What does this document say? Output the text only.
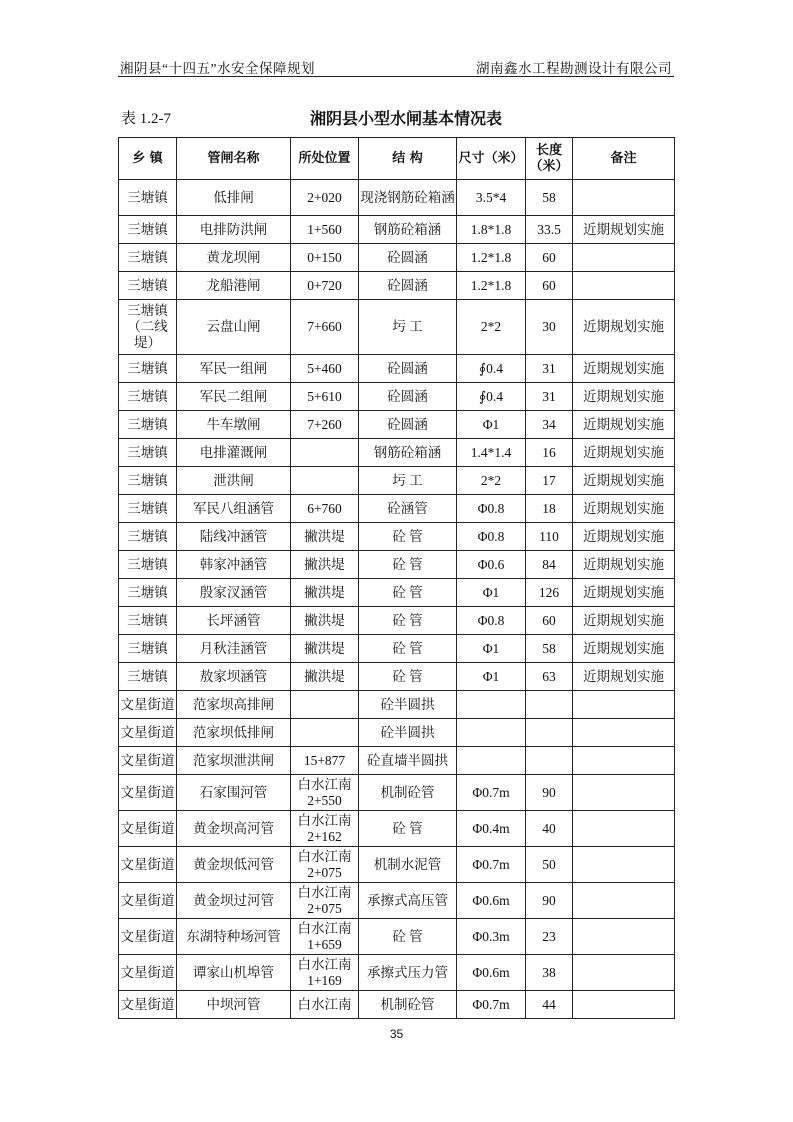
湘阴县“十四五”水安全保障规划	湖南鑫水工程勘测设计有限公司
表 1.2-7	湘阴县小型水闸基本情况表
乡 镇	管闸名称	所处位置	结 构	尺寸（米）	长度（米）	备注
三塘镇	低排闸	2+020	现浇钢筋砼箱涵	3.5*4	58	
三塘镇	电排防洪闸	1+560	钢筋砼箱涵	1.8*1.8	33.5	近期规划实施
三塘镇	黄龙坝闸	0+150	砼圆涵	1.2*1.8	60	
三塘镇	龙船港闸	0+720	砼圆涵	1.2*1.8	60	
三塘镇（二线堤）	云盘山闸	7+660	圬 工	2*2	30	近期规划实施
三塘镇	军民一组闸	5+460	砼圆涵	∮0.4	31	近期规划实施
三塘镇	军民二组闸	5+610	砼圆涵	∮0.4	31	近期规划实施
三塘镇	牛车墩闸	7+260	砼圆涵	Φ1	34	近期规划实施
三塘镇	电排灌溉闸		钢筋砼箱涵	1.4*1.4	16	近期规划实施
三塘镇	泄洪闸		圬 工	2*2	17	近期规划实施
三塘镇	军民八组涵管	6+760	砼涵管	Φ0.8	18	近期规划实施
三塘镇	陆线冲涵管	撇洪堤	砼 管	Φ0.8	110	近期规划实施
三塘镇	韩家冲涵管	撇洪堤	砼 管	Φ0.6	84	近期规划实施
三塘镇	殷家汊涵管	撇洪堤	砼 管	Φ1	126	近期规划实施
三塘镇	长坪涵管	撇洪堤	砼 管	Φ0.8	60	近期规划实施
三塘镇	月秋洼涵管	撇洪堤	砼 管	Φ1	58	近期规划实施
三塘镇	敖家坝涵管	撇洪堤	砼 管	Φ1	63	近期规划实施
文星街道	范家坝高排闸		砼半圆拱			
文星街道	范家坝低排闸		砼半圆拱			
文星街道	范家坝泄洪闸	15+877	砼直墙半圆拱			
文星街道	石家围河管	白水江南2+550	机制砼管	Φ0.7m	90	
文星街道	黄金坝高河管	白水江南2+162	砼 管	Φ0.4m	40	
文星街道	黄金坝低河管	白水江南2+075	机制水泥管	Φ0.7m	50	
文星街道	黄金坝过河管	白水江南2+075	承擦式高压管	Φ0.6m	90	
文星街道	东湖特种场河管	白水江南1+659	砼 管	Φ0.3m	23	
文星街道	谭家山机埠管	白水江南1+169	承擦式压力管	Φ0.6m	38	
文星街道	中坝河管	白水江南	机制砼管	Φ0.7m	44	
35
